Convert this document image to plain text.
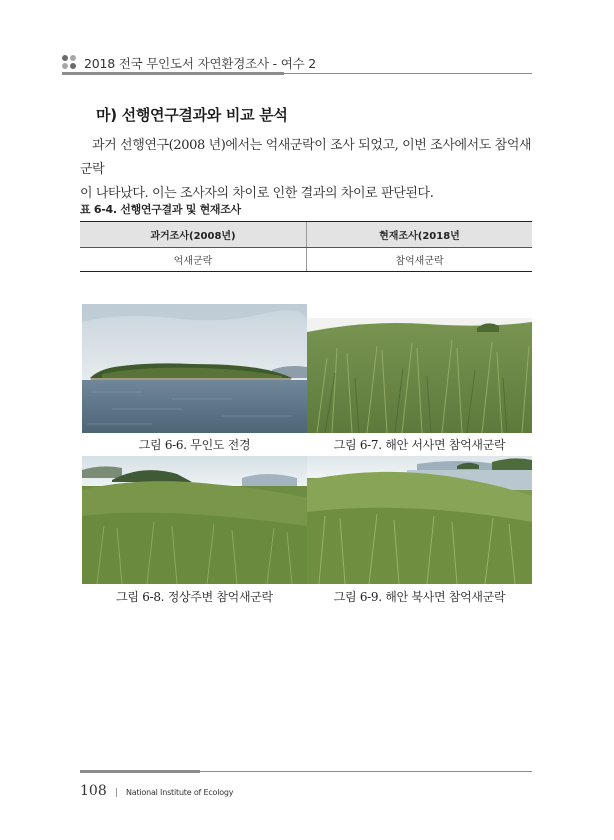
2018 전국 무인도서 자연환경조사 - 여수 2
마) 선행연구결과와 비교 분석

과거 선행연구(2008 년)에서는 억새군락이 조사 되었고, 이번 조사에서도 참억새군락

이 나타났다. 이는 조사자의 차이로 인한 결과의 차이로 판단된다.
표 6-4. 선행연구결과 및 현재조사
과거조사(2008년)	현재조사(2018년
억새군락	참억새군락
그림 6-6. 무인도 전경	그림 6-7. 해안 서사면 참억새군락
그림 6-8. 정상주변 참억새군락	그림 6-9. 해안 북사면 참억새군락
108 | National Institute of Ecology
